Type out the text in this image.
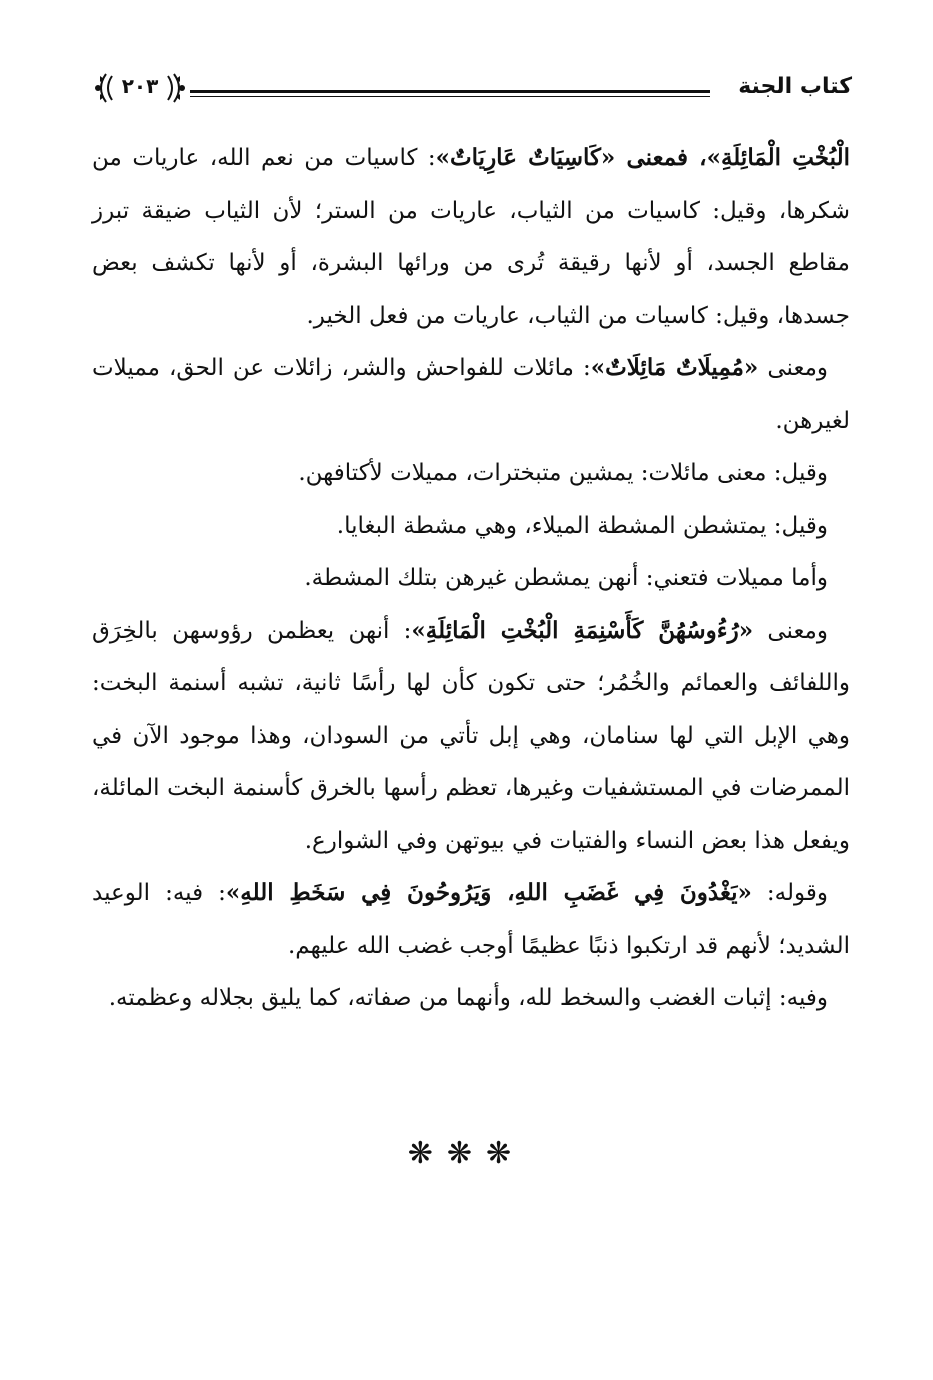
كتاب الجنة
٢٠٣

الْبُخْتِ الْمَائِلَةِ»، فمعنى «كَاسِيَاتٌ عَارِيَاتٌ»: كاسيات من نعم الله، عاريات من شكرها، وقيل: كاسيات من الثياب، عاريات من الستر؛ لأن الثياب ضيقة تبرز مقاطع الجسد، أو لأنها رقيقة تُرى من ورائها البشرة، أو لأنها تكشف بعض جسدها، وقيل: كاسيات من الثياب، عاريات من فعل الخير.

ومعنى «مُمِيلَاتٌ مَائِلَاتٌ»: مائلات للفواحش والشر، زائلات عن الحق، مميلات لغيرهن.

وقيل: معنى مائلات: يمشين متبخترات، مميلات لأكتافهن.

وقيل: يمتشطن المشطة الميلاء، وهي مشطة البغايا.

وأما مميلات فتعني: أنهن يمشطن غيرهن بتلك المشطة.

ومعنى «رُءُوسُهُنَّ كَأَسْنِمَةِ الْبُخْتِ الْمَائِلَةِ»: أنهن يعظمن رؤوسهن بالخِرَق واللفائف والعمائم والخُمُر؛ حتى تكون كأن لها رأسًا ثانية، تشبه أسنمة البخت: وهي الإبل التي لها سنامان، وهي إبل تأتي من السودان، وهذا موجود الآن في الممرضات في المستشفيات وغيرها، تعظم رأسها بالخرق كأسنمة البخت المائلة، ويفعل هذا بعض النساء والفتيات في بيوتهن وفي الشوارع.

وقوله: «يَغْدُونَ فِي غَضَبِ اللهِ، وَيَرُوحُونَ فِي سَخَطِ اللهِ»: فيه: الوعيد الشديد؛ لأنهم قد ارتكبوا ذنبًا عظيمًا أوجب غضب الله عليهم.

وفيه: إثبات الغضب والسخط لله، وأنهما من صفاته، كما يليق بجلاله وعظمته.

❋❋❋
